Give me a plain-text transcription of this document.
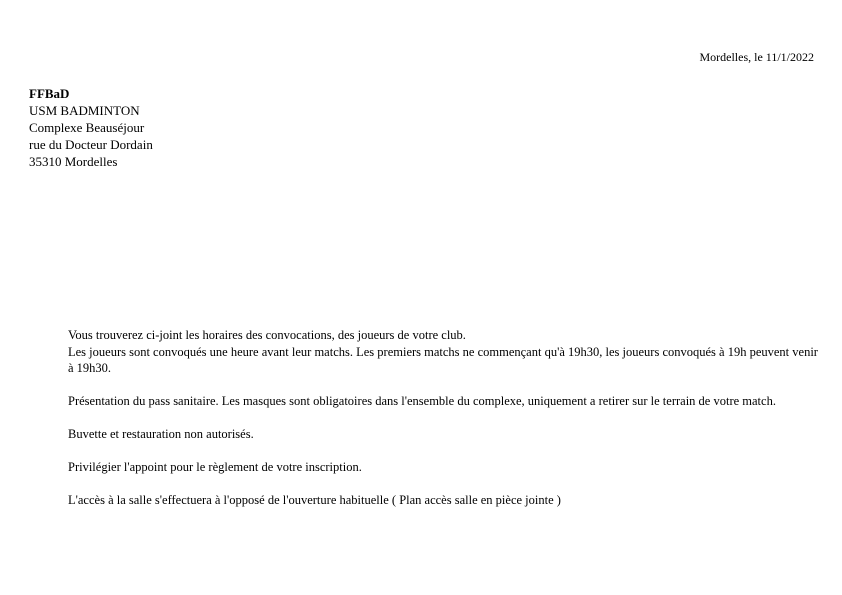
Mordelles, le 11/1/2022
FFBaD
USM BADMINTON
Complexe Beauséjour
rue du Docteur Dordain
35310 Mordelles

Vous trouverez ci-joint les horaires des convocations, des joueurs de votre club.
Les joueurs sont convoqués une heure avant leur matchs. Les premiers matchs ne commençant qu'à 19h30, les joueurs convoqués à 19h peuvent venir à 19h30.

Présentation du pass sanitaire. Les masques sont obligatoires dans l'ensemble du complexe, uniquement a retirer sur le terrain de votre match.

Buvette et restauration non autorisés.

Privilégier l'appoint pour le règlement de votre inscription.

L'accès à la salle s'effectuera à l'opposé de l'ouverture habituelle ( Plan accès salle en pièce jointe )
